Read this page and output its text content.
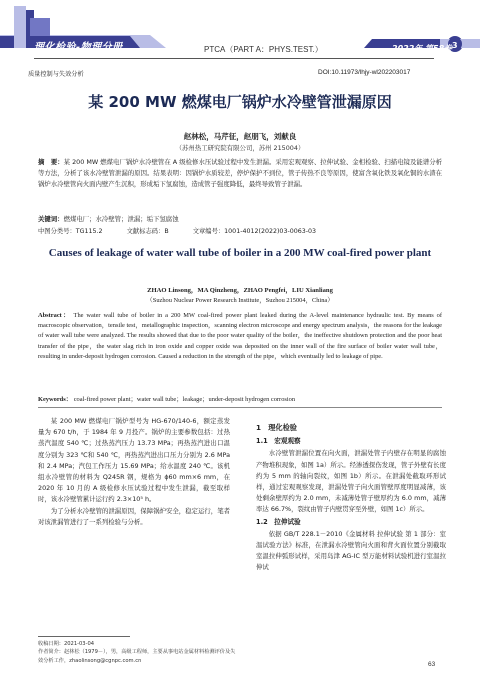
理化检验-物理分册	PTCA（PART A：PHYS.TEST.）	2022年 第58卷 3
质量控制与失效分析	DOI:10.11973/lhjy-wl202203017
某 200 MW 燃煤电厂锅炉水冷壁管泄漏原因
赵林松，马芹征，赵朋飞，刘献良
（苏州热工研究院有限公司，苏州 215004）
摘　要：某 200 MW 燃煤电厂锅炉水冷壁管在 A 级检修水压试验过程中发生泄漏。采用宏观观察、拉伸试验、金相检验、扫描电镜及能谱分析等方法，分析了该水冷壁管泄漏的原因。结果表明：因锅炉水质较差，停炉保护不到位，管子传热不良等原因，使富含氧化铁及氧化铜的水渣在锅炉水冷壁管向火面内壁产生沉积，形成垢下氢腐蚀，造成管子强度降低，最终导致管子泄漏。
关键词：燃煤电厂；水冷壁管；泄漏；垢下氢腐蚀
中图分类号：TG115.2	文献标志码：B	文章编号：1001-4012(2022)03-0063-03
Causes of leakage of water wall tube of boiler in a 200 MW coal-fired power plant
ZHAO Linsong，MA Qinzheng，ZHAO Pengfei，LIU Xianliang
（Suzhou Nuclear Power Research Institute，Suzhou 215004，China）
Abstract： The water wall tube of boiler in a 200 MW coal-fired power plant leaked during the A-level maintenance hydraulic test. By means of macroscopic observation，tensile test，metallographic inspection，scanning electron microscope and energy spectrum analysis，the reasons for the leakage of water wall tube were analyzed. The results showed that due to the poor water quality of the boiler，the ineffective shutdown protection and the poor heat transfer of the pipe，the water slag rich in iron oxide and copper oxide was deposited on the inner wall of the fire surface of boiler water wall tube，resulting in under-deposit hydrogen corrosion. Caused a reduction in the strength of the pipe，which eventually led to leakage of pipe.
Keywords： coal-fired power plant；water wall tube；leakage；under-deposit hydrogen corrosion

某 200 MW 燃煤电厂锅炉型号为 HG-670/140-6，额定蒸发量为 670 t/h，于 1984 年 9 月投产。锅炉的主要参数包括：过热蒸汽温度 540 ℃；过热蒸汽压力 13.73 MPa；再热蒸汽进出口温度分别为 323 ℃和 540 ℃，再热蒸汽进出口压力分别为 2.6 MPa 和 2.4 MPa；汽包工作压力 15.69 MPa；给水温度 240 ℃。该机组水冷壁管的材料为 Q245R 钢，规格为 ϕ60 mm×6 mm，在 2020 年 10 月的 A 级检修水压试验过程中发生泄漏，截至取样时，该水冷壁管累计运行约 2.3×10⁵ h。

为了分析水冷壁管的泄漏原因，保障锅炉安全，稳定运行，笔者对该泄漏管进行了一系列检验与分析。

1　理化检验
1.1　宏观观察

水冷壁管泄漏位置在向火面，泄漏处管子内壁存在明显的腐蚀产物堆积现象，如图 1a）所示。经渗透探伤发现，管子外壁有长度约为 5 mm 的轴向裂纹，如图 1b）所示。在泄漏处截取环形试样，通过宏观观察发现，泄漏处管子向火面管壁厚度明显减薄，该处剩余壁厚约为 2.0 mm，未减薄处管子壁厚约为 6.0 mm，减薄率达 66.7%，裂纹由管子内壁贯穿至外壁，如图 1c）所示。

1.2　拉伸试验

依据 GB/T 228.1－2010《金属材料 拉伸试验 第 1 部分：室温试验方法》标准，在泄漏水冷壁管向火面和背火面位置分别截取室温拉伸弧形试样，采用岛津 AG-IC 型万能材料试验机进行室温拉伸试

收稿日期：2021-03-04
作者简介：赵林松（1979－），男，高级工程师，主要从事电站金属材料检测评价及失效分析工作，zhaolinsong@cgnpc.com.cn
63
